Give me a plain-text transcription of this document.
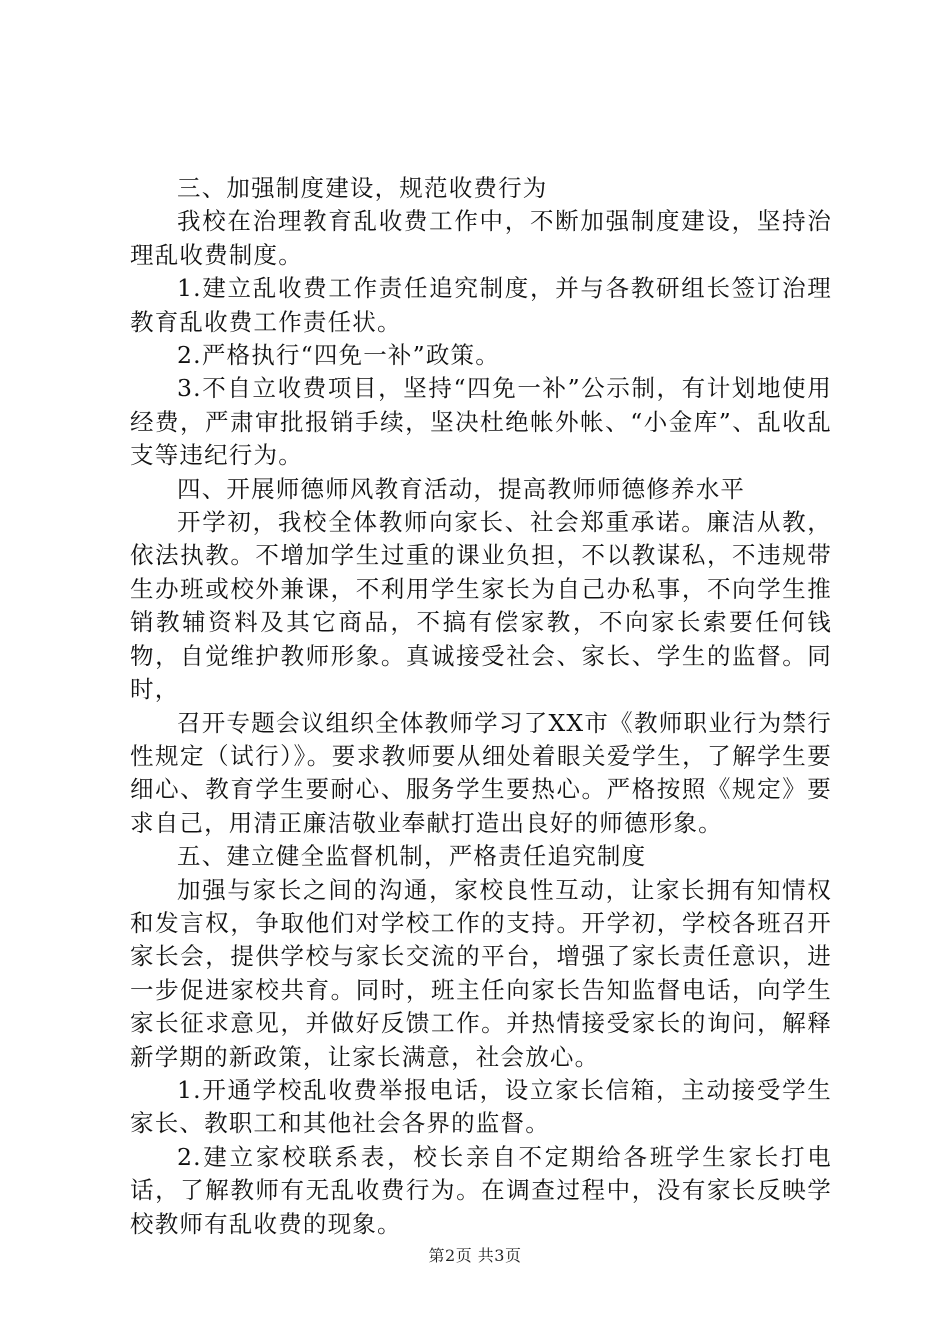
三、加强制度建设，规范收费行为

我校在治理教育乱收费工作中，不断加强制度建设，坚持治理乱收费制度。

1.建立乱收费工作责任追究制度，并与各教研组长签订治理教育乱收费工作责任状。

2.严格执行“四免一补”政策。

3.不自立收费项目，坚持“四免一补”公示制，有计划地使用经费，严肃审批报销手续，坚决杜绝帐外帐、“小金库”、乱收乱支等违纪行为。

四、开展师德师风教育活动，提高教师师德修养水平

开学初，我校全体教师向家长、社会郑重承诺。廉洁从教，依法执教。不增加学生过重的课业负担，不以教谋私，不违规带生办班或校外兼课，不利用学生家长为自己办私事，不向学生推销教辅资料及其它商品，不搞有偿家教，不向家长索要任何钱物，自觉维护教师形象。真诚接受社会、家长、学生的监督。同时，

召开专题会议组织全体教师学习了XX市《教师职业行为禁行性规定（试行）》。要求教师要从细处着眼关爱学生，了解学生要细心、教育学生要耐心、服务学生要热心。严格按照《规定》要求自己，用清正廉洁敬业奉献打造出良好的师德形象。

五、建立健全监督机制，严格责任追究制度

加强与家长之间的沟通，家校良性互动，让家长拥有知情权和发言权，争取他们对学校工作的支持。开学初，学校各班召开家长会，提供学校与家长交流的平台，增强了家长责任意识，进一步促进家校共育。同时，班主任向家长告知监督电话，向学生家长征求意见，并做好反馈工作。并热情接受家长的询问，解释新学期的新政策，让家长满意，社会放心。

1.开通学校乱收费举报电话，设立家长信箱，主动接受学生家长、教职工和其他社会各界的监督。

2.建立家校联系表，校长亲自不定期给各班学生家长打电话，了解教师有无乱收费行为。在调查过程中，没有家长反映学校教师有乱收费的现象。

第2页 共3页
